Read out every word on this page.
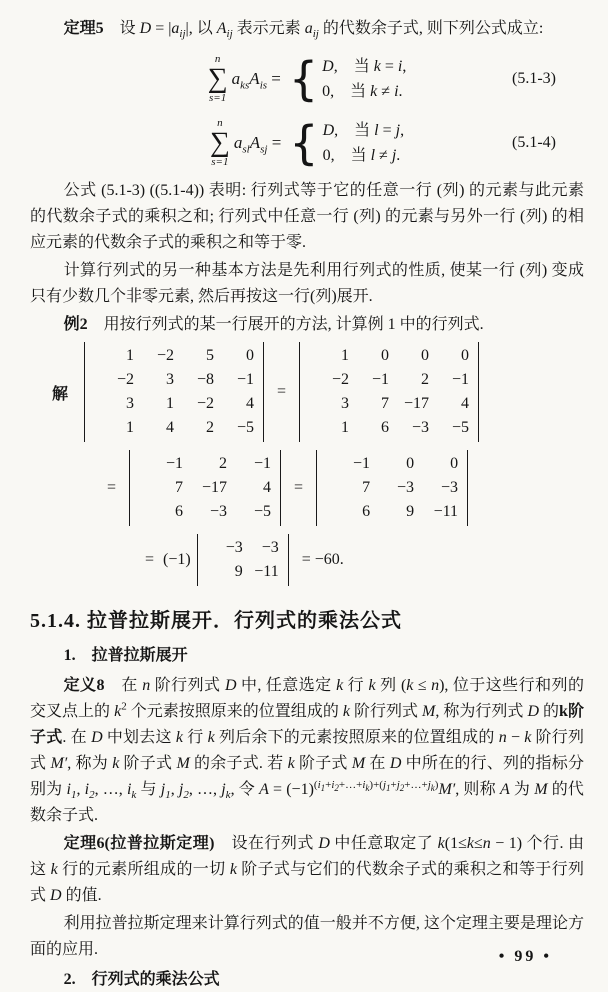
定理5　设 $D = |a_{ij}|$, 以 $A_{ij}$ 表示元素 $a_{ij}$ 的代数余子式, 则下列公式成立:

n
∑
s=1
$a_{ks}A_{is}$ = { D,　当 k = i,
0,　当 k ≠ i.
(5.1-3)
n
∑
s=1
$a_{sl}A_{sj}$ = { D,　当 l = j,
0,　当 l ≠ j.
(5.1-4)

公式 (5.1-3) ((5.1-4)) 表明: 行列式等于它的任意一行 (列) 的元素与此元素的代数余子式的乘积之和; 行列式中任意一行 (列) 的元素与另外一行 (列) 的相应元素的代数余子式的乘积之和等于零.

计算行列式的另一种基本方法是先利用行列式的性质, 使某一行 (列) 变成只有少数几个非零元素, 然后再按这一行(列)展开.

例2　用按行列式的某一行展开的方法, 计算例 1 中的行列式.

解
1	−2	5	0
−2	3	−8	−1
3	1	−2	4
1	4	2	−5
=
1	0	0	0
−2	−1	2	−1
3	7 −17	4
1	6	−3	−5
=
−1	2	−1
7	−17	4
6	−3	−5
=
−1	0	0
7	−3	−3
6	9	−11
= (−1)
−3	−3
9 −11
= −60.
5.1.4. 拉普拉斯展开．行列式的乘法公式

1.　拉普拉斯展开

定义8　在 n 阶行列式 D 中, 任意选定 k 行 k 列 (k ≤ n), 位于这些行和列的交叉点上的 $k^2$ 个元素按照原来的位置组成的 k 阶行列式 M, 称为行列式 D 的k阶子式. 在 D 中划去这 k 行 k 列后余下的元素按照原来的位置组成的 n − k 阶行列式 M′, 称为 k 阶子式 M 的余子式. 若 k 阶子式 M 在 D 中所在的行、列的指标分别为 $i_1$, $i_2$, …, $i_k$ 与 $j_1$, $j_2$, …, $j_k$, 令 $A = (-1)^{(i_1+i_2+\dots+i_k)+(j_1+j_2+\dots+j_k)}M'$, 则称 A 为 M 的代数余子式.

定理6(拉普拉斯定理)　设在行列式 D 中任意取定了 k(1≤k≤n − 1) 个行. 由这 k 行的元素所组成的一切 k 阶子式与它们的代数余子式的乘积之和等于行列式 D 的值.

利用拉普拉斯定理来计算行列式的值一般并不方便, 这个定理主要是理论方面的应用.

2.　行列式的乘法公式

• 99 •
